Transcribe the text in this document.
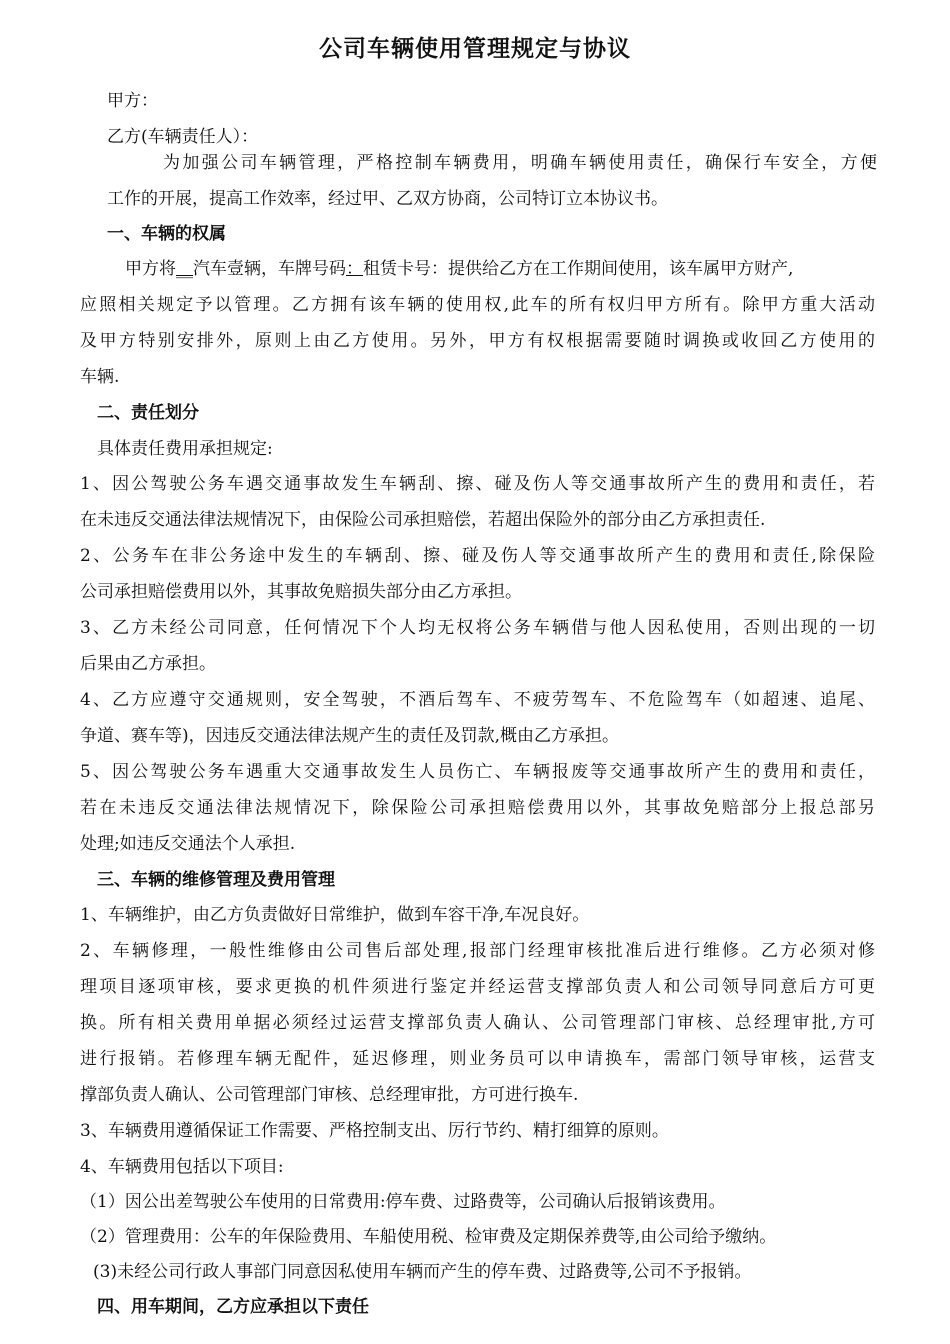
公司车辆使用管理规定与协议
甲方：
乙方(车辆责任人）：
为加强公司车辆管理，严格控制车辆费用，明确车辆使用责任，确保行车安全，方便
工作的开展，提高工作效率，经过甲、乙双方协商，公司特订立本协议书。
一、车辆的权属
甲方将__汽车壹辆，车牌号码：租赁卡号：提供给乙方在工作期间使用，该车属甲方财产,
应照相关规定予以管理。乙方拥有该车辆的使用权,此车的所有权归甲方所有。除甲方重大活动
及甲方特别安排外，原则上由乙方使用。另外，甲方有权根据需要随时调换或收回乙方使用的
车辆.
二、责任划分
具体责任费用承担规定:
1、因公驾驶公务车遇交通事故发生车辆刮、擦、碰及伤人等交通事故所产生的费用和责任，若
在未违反交通法律法规情况下，由保险公司承担赔偿，若超出保险外的部分由乙方承担责任.
2、公务车在非公务途中发生的车辆刮、擦、碰及伤人等交通事故所产生的费用和责任,除保险
公司承担赔偿费用以外，其事故免赔损失部分由乙方承担。
3、乙方未经公司同意，任何情况下个人均无权将公务车辆借与他人因私使用，否则出现的一切
后果由乙方承担。
4、乙方应遵守交通规则，安全驾驶，不酒后驾车、不疲劳驾车、不危险驾车（如超速、追尾、
争道、赛车等)，因违反交通法律法规产生的责任及罚款,概由乙方承担。
5、因公驾驶公务车遇重大交通事故发生人员伤亡、车辆报废等交通事故所产生的费用和责任，
若在未违反交通法律法规情况下，除保险公司承担赔偿费用以外，其事故免赔部分上报总部另
处理;如违反交通法个人承担.
三、车辆的维修管理及费用管理
1、车辆维护，由乙方负责做好日常维护，做到车容干净,车况良好。
2、车辆修理，一般性维修由公司售后部处理,报部门经理审核批准后进行维修。乙方必须对修
理项目逐项审核，要求更换的机件须进行鉴定并经运营支撑部负责人和公司领导同意后方可更
换。所有相关费用单据必须经过运营支撑部负责人确认、公司管理部门审核、总经理审批,方可
进行报销。若修理车辆无配件，延迟修理，则业务员可以申请换车，需部门领导审核，运营支
撑部负责人确认、公司管理部门审核、总经理审批，方可进行换车.
3、车辆费用遵循保证工作需要、严格控制支出、厉行节约、精打细算的原则。
4、车辆费用包括以下项目:
（1）因公出差驾驶公车使用的日常费用:停车费、过路费等，公司确认后报销该费用。
（2）管理费用：公车的年保险费用、车船使用税、检审费及定期保养费等,由公司给予缴纳。
(3)未经公司行政人事部门同意因私使用车辆而产生的停车费、过路费等,公司不予报销。
四、用车期间，乙方应承担以下责任
